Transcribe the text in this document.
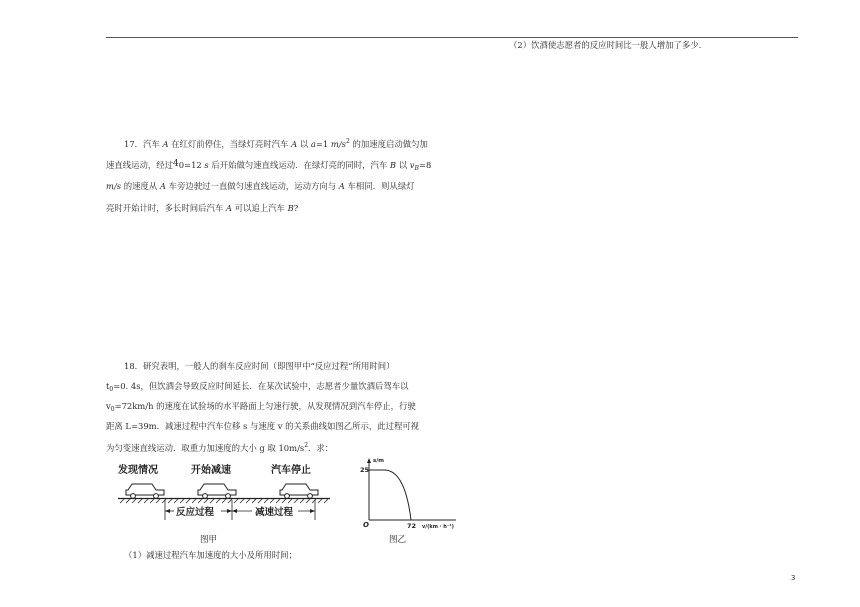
（2）饮酒使志愿者的反应时间比一般人增加了多少.
17．汽车 A 在红灯前停住，当绿灯亮时汽车 A 以 a=1 $m/s^2$ 的加速度启动做匀加
速直线运动，经过40=12 s 后开始做匀速直线运动．在绿灯亮的同时，汽车 B 以 $v_B=8$
m/s 的速度从 A 车旁边驶过一直做匀速直线运动，运动方向与 A 车相同．则从绿灯
亮时开始计时，多长时间后汽车 A 可以追上汽车 B?
18．研究表明，一般人的刹车反应时间（即图甲中“反应过程”所用时间）
$t_0=0$. 4s，但饮酒会导致反应时间延长．在某次试验中，志愿者少量饮酒后驾车以
$v_0=72km/h$ 的速度在试验场的水平路面上匀速行驶，从发现情况到汽车停止，行驶
距离 L=39m．减速过程中汽车位移 s 与速度 v 的关系曲线如图乙所示，此过程可视
为匀变速直线运动．取重力加速度的大小 g 取 $10m/s^2$．求：
发现情况	开始减速	汽车停止
反应过程	减速过程
图甲
s/m
25
O	72 v/(km · h⁻¹)
图乙
（1）减速过程汽车加速度的大小及所用时间；
3
